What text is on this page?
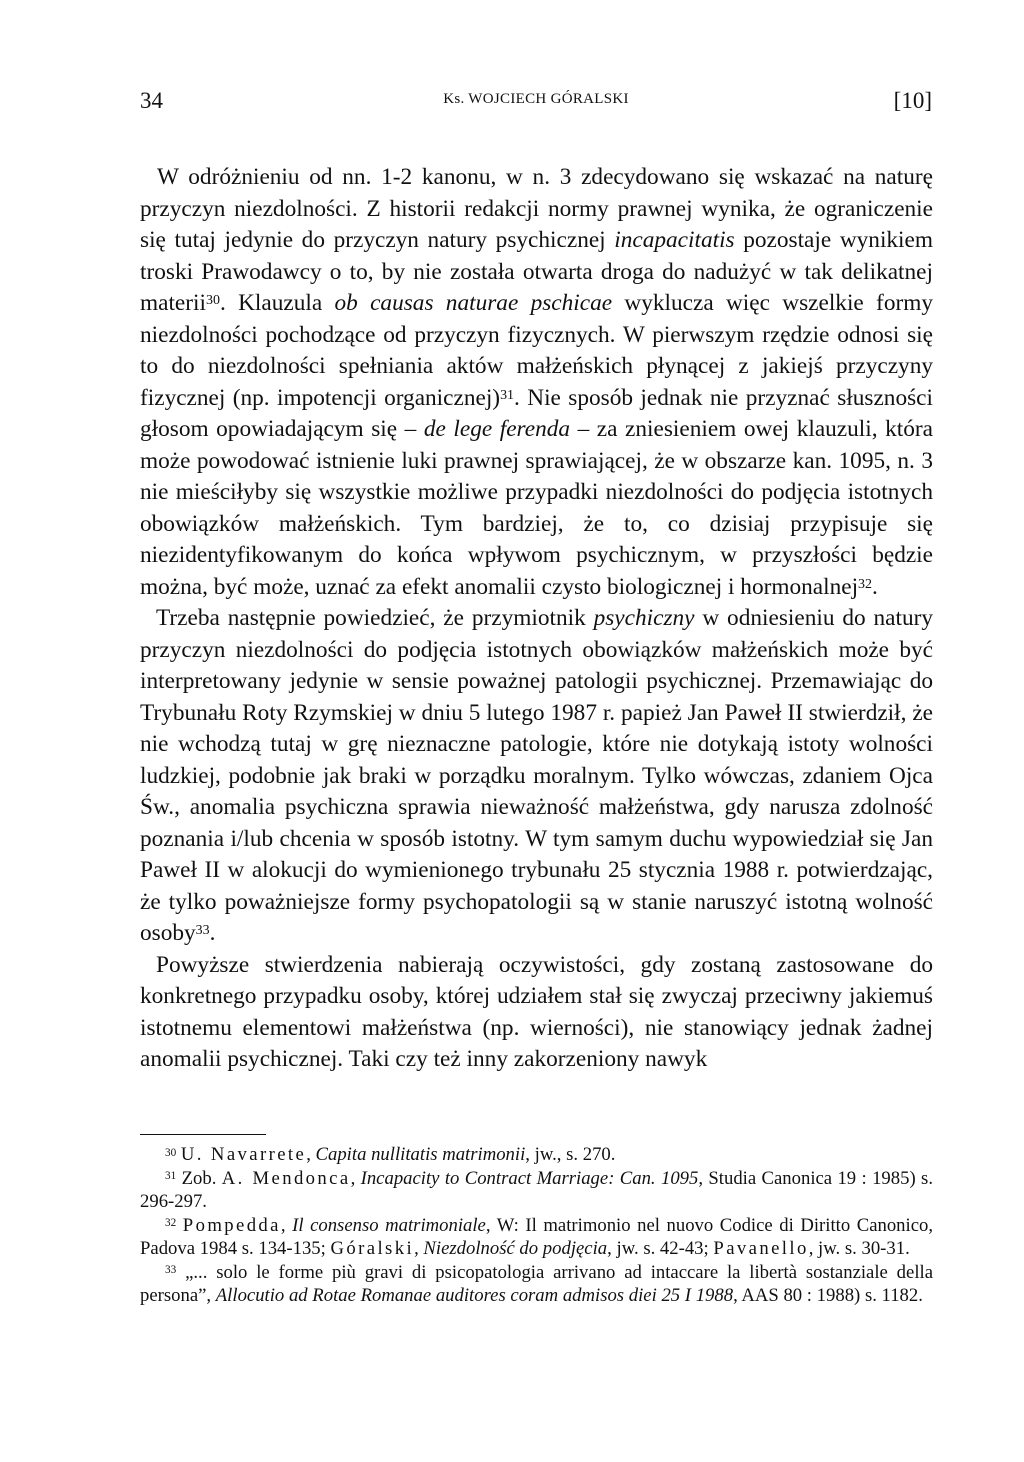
34	Ks. WOJCIECH GÓRALSKI	[10]

W odróżnieniu od nn. 1-2 kanonu, w n. 3 zdecydowano się wskazać na naturę przyczyn niezdolności. Z historii redakcji normy prawnej wynika, że ograniczenie się tutaj jedynie do przyczyn natury psychicznej incapacitatis pozostaje wynikiem troski Prawodawcy o to, by nie została otwarta droga do nadużyć w tak delikatnej materii$^{30}$. Klauzula ob causas naturae pschicae wyklucza więc wszelkie formy niezdolności pochodzące od przyczyn fizycznych. W pierwszym rzędzie odnosi się to do niezdolności spełniania aktów małżeńskich płynącej z jakiejś przyczyny fizycznej (np. impotencji organicznej)$^{31}$. Nie sposób jednak nie przyznać słuszności głosom opowiadającym się – de lege ferenda – za zniesieniem owej klauzuli, która może powodować istnienie luki prawnej sprawiającej, że w obszarze kan. 1095, n. 3 nie mieściłyby się wszystkie możliwe przypadki niezdolności do podjęcia istotnych obowiązków małżeńskich. Tym bardziej, że to, co dzisiaj przypisuje się niezidentyfikowanym do końca wpływom psychicznym, w przyszłości będzie można, być może, uznać za efekt anomalii czysto biologicznej i hormonalnej$^{32}$.

Trzeba następnie powiedzieć, że przymiotnik psychiczny w odniesieniu do natury przyczyn niezdolności do podjęcia istotnych obowiązków małżeńskich może być interpretowany jedynie w sensie poważnej patologii psychicznej. Przemawiając do Trybunału Roty Rzymskiej w dniu 5 lutego 1987 r. papież Jan Paweł II stwierdził, że nie wchodzą tutaj w grę nieznaczne patologie, które nie dotykają istoty wolności ludzkiej, podobnie jak braki w porządku moralnym. Tylko wówczas, zdaniem Ojca Św., anomalia psychiczna sprawia nieważność małżeństwa, gdy narusza zdolność poznania i/lub chcenia w sposób istotny. W tym samym duchu wypowiedział się Jan Paweł II w alokucji do wymienionego trybunału 25 stycznia 1988 r. potwierdzając, że tylko poważniejsze formy psychopatologii są w stanie naruszyć istotną wolność osoby$^{33}$.

Powyższe stwierdzenia nabierają oczywistości, gdy zostaną zastosowane do konkretnego przypadku osoby, której udziałem stał się zwyczaj przeciwny jakiemuś istotnemu elementowi małżeństwa (np. wierności), nie stanowiący jednak żadnej anomalii psychicznej. Taki czy też inny zakorzeniony nawyk

$^{30}$ U. Navarrete, Capita nullitatis matrimonii, jw., s. 270.

$^{31}$ Zob. A. Mendonca, Incapacity to Contract Marriage: Can. 1095, Studia Canonica 19 : 1985) s. 296-297.

$^{32}$ Pompedda, Il consenso matrimoniale, W: Il matrimonio nel nuovo Codice di Diritto Canonico, Padova 1984 s. 134-135; Góralski, Niezdolność do podjęcia, jw. s. 42-43; Pavanello, jw. s. 30-31.

$^{33}$ „... solo le forme più gravi di psicopatologia arrivano ad intaccare la libertà sostanziale della persona”, Allocutio ad Rotae Romanae auditores coram admisos diei 25 I 1988, AAS 80 : 1988) s. 1182.
